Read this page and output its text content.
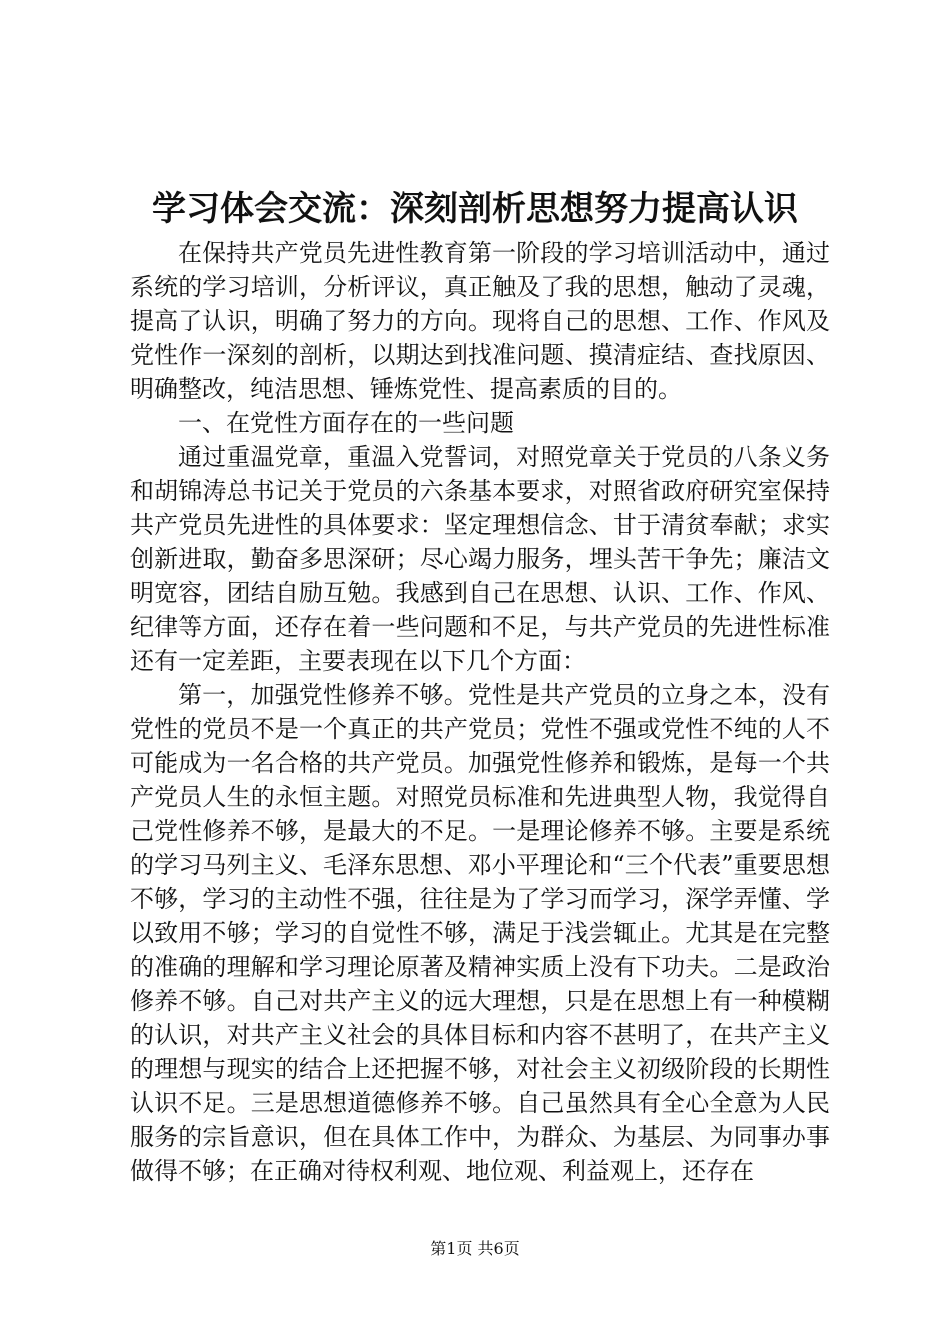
学习体会交流：深刻剖析思想努力提高认识

在保持共产党员先进性教育第一阶段的学习培训活动中，通过系统的学习培训，分析评议，真正触及了我的思想，触动了灵魂，提高了认识，明确了努力的方向。现将自己的思想、工作、作风及党性作一深刻的剖析，以期达到找准问题、摸清症结、查找原因、明确整改，纯洁思想、锤炼党性、提高素质的目的。

一、在党性方面存在的一些问题

通过重温党章，重温入党誓词，对照党章关于党员的八条义务和胡锦涛总书记关于党员的六条基本要求，对照省政府研究室保持共产党员先进性的具体要求：坚定理想信念、甘于清贫奉献；求实创新进取，勤奋多思深研；尽心竭力服务，埋头苦干争先；廉洁文明宽容，团结自励互勉。我感到自己在思想、认识、工作、作风、纪律等方面，还存在着一些问题和不足，与共产党员的先进性标准还有一定差距，主要表现在以下几个方面：

第一，加强党性修养不够。党性是共产党员的立身之本，没有党性的党员不是一个真正的共产党员；党性不强或党性不纯的人不可能成为一名合格的共产党员。加强党性修养和锻炼，是每一个共产党员人生的永恒主题。对照党员标准和先进典型人物，我觉得自己党性修养不够，是最大的不足。一是理论修养不够。主要是系统的学习马列主义、毛泽东思想、邓小平理论和“三个代表”重要思想不够，学习的主动性不强，往往是为了学习而学习，深学弄懂、学以致用不够；学习的自觉性不够，满足于浅尝辄止。尤其是在完整的准确的理解和学习理论原著及精神实质上没有下功夫。二是政治修养不够。自己对共产主义的远大理想，只是在思想上有一种模糊的认识，对共产主义社会的具体目标和内容不甚明了，在共产主义的理想与现实的结合上还把握不够，对社会主义初级阶段的长期性认识不足。三是思想道德修养不够。自己虽然具有全心全意为人民服务的宗旨意识，但在具体工作中，为群众、为基层、为同事办事做得不够；在正确对待权利观、地位观、利益观上，还存在

第1页 共6页
